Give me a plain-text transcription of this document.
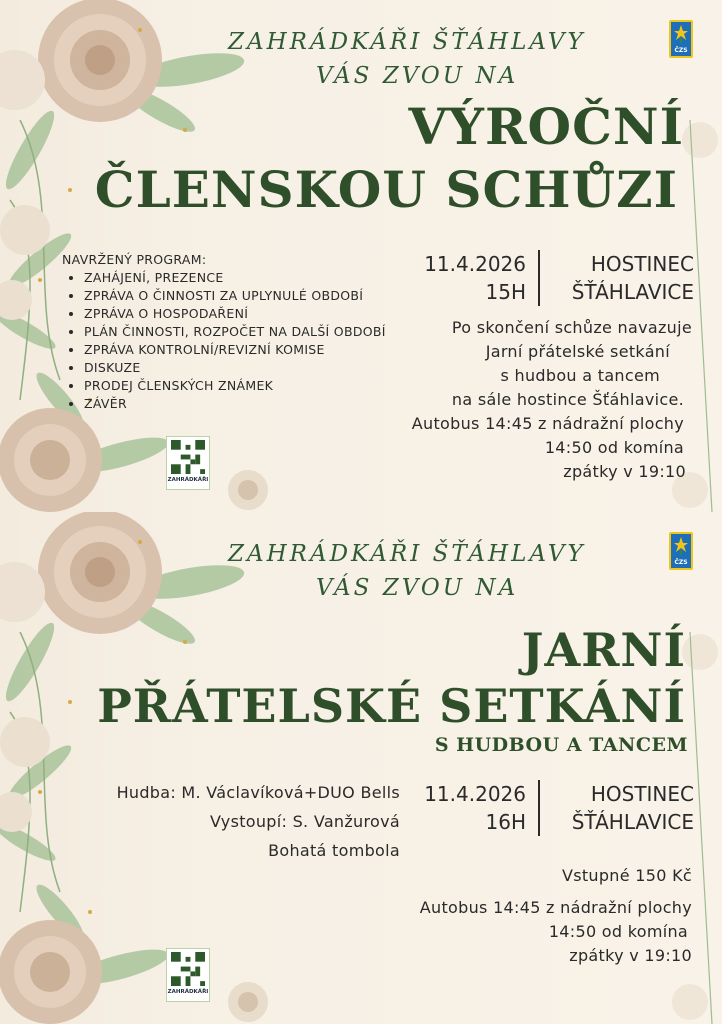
ZAHRÁDKÁŘI ŠŤÁHLAVY
VÁS ZVOU NA
ČZS
VÝROČNÍ
ČLENSKOU SCHŮZI
NAVRŽENÝ PROGRAM:
• ZAHÁJENÍ, PREZENCE
• ZPRÁVA O ČINNOSTI ZA UPLYNULÉ OBDOBÍ
• ZPRÁVA O HOSPODAŘENÍ
• PLÁN ČINNOSTI, ROZPOČET NA DALŠÍ OBDOBÍ
• ZPRÁVA KONTROLNÍ/REVIZNÍ KOMISE
• DISKUZE
• PRODEJ ČLENSKÝCH ZNÁMEK
• ZÁVĚR
11.4.2026
15H
HOSTINEC
ŠŤÁHLAVICE
Po skončení schůze navazuje
Jarní přátelské setkání
s hudbou a tancem
na sále hostince Šťáhlavice.
Autobus 14:45 z nádražní plochy
14:50 od komína
zpátky v 19:10
ZAHRÁDKÁŘI
ZAHRÁDKÁŘI ŠŤÁHLAVY
VÁS ZVOU NA
ČZS
JARNÍ
PŘÁTELSKÉ SETKÁNÍ
S HUDBOU A TANCEM
Hudba: M. Václavíková+DUO Bells
Vystoupí: S. Vanžurová
Bohatá tombola
11.4.2026
16H
HOSTINEC
ŠŤÁHLAVICE
Vstupné 150 Kč
Autobus 14:45 z nádražní plochy
14:50 od komína
zpátky v 19:10
ZAHRÁDKÁŘI
